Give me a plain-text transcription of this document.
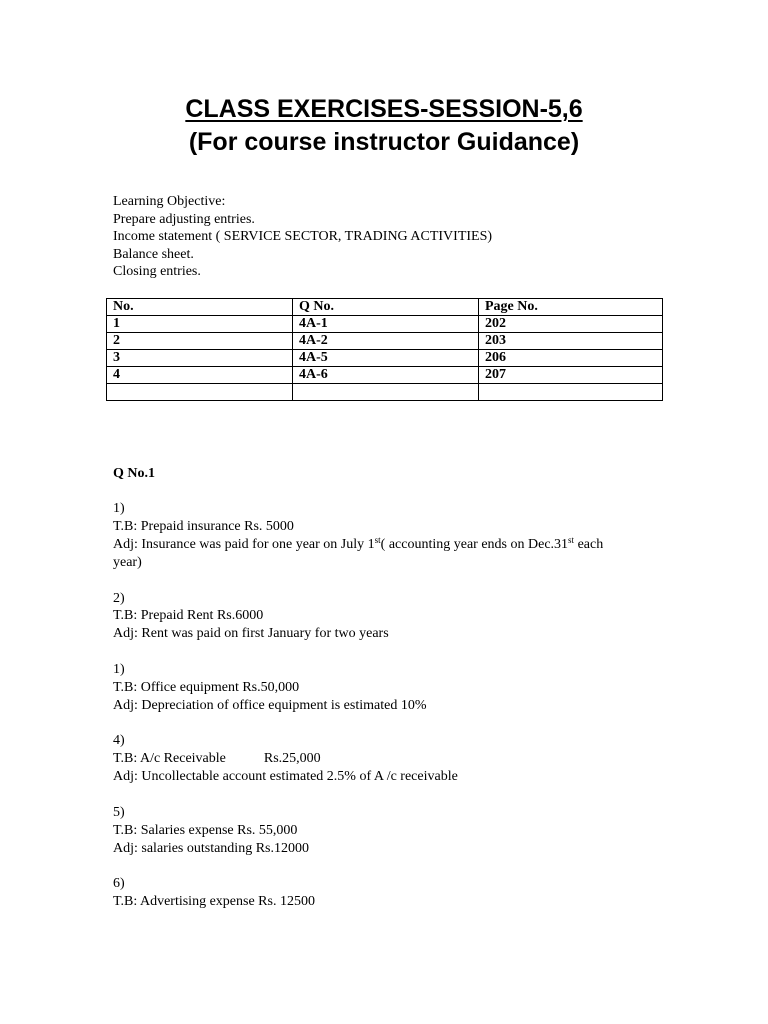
CLASS EXERCISES-SESSION-5,6
(For course instructor Guidance)
Learning Objective:
Prepare adjusting entries.
Income statement ( SERVICE SECTOR, TRADING ACTIVITIES)
Balance sheet.
Closing entries.
No.	Q No.	Page No.
1	4A-1	202
2	4A-2	203
3	4A-5	206
4	4A-6	207

Q No.1
1)
T.B: Prepaid insurance Rs. 5000
Adj: Insurance was paid for one year on July 1st( accounting year ends on Dec.31st each
year)
2)
T.B: Prepaid Rent Rs.6000
Adj: Rent was paid on first January for two years
1)
T.B: Office equipment Rs.50,000
Adj: Depreciation of office equipment is estimated 10%
4)
T.B: A/c Receivable	Rs.25,000
Adj: Uncollectable account estimated 2.5% of A /c receivable
5)
T.B: Salaries expense Rs. 55,000
Adj: salaries outstanding Rs.12000
6)
T.B: Advertising expense Rs. 12500
